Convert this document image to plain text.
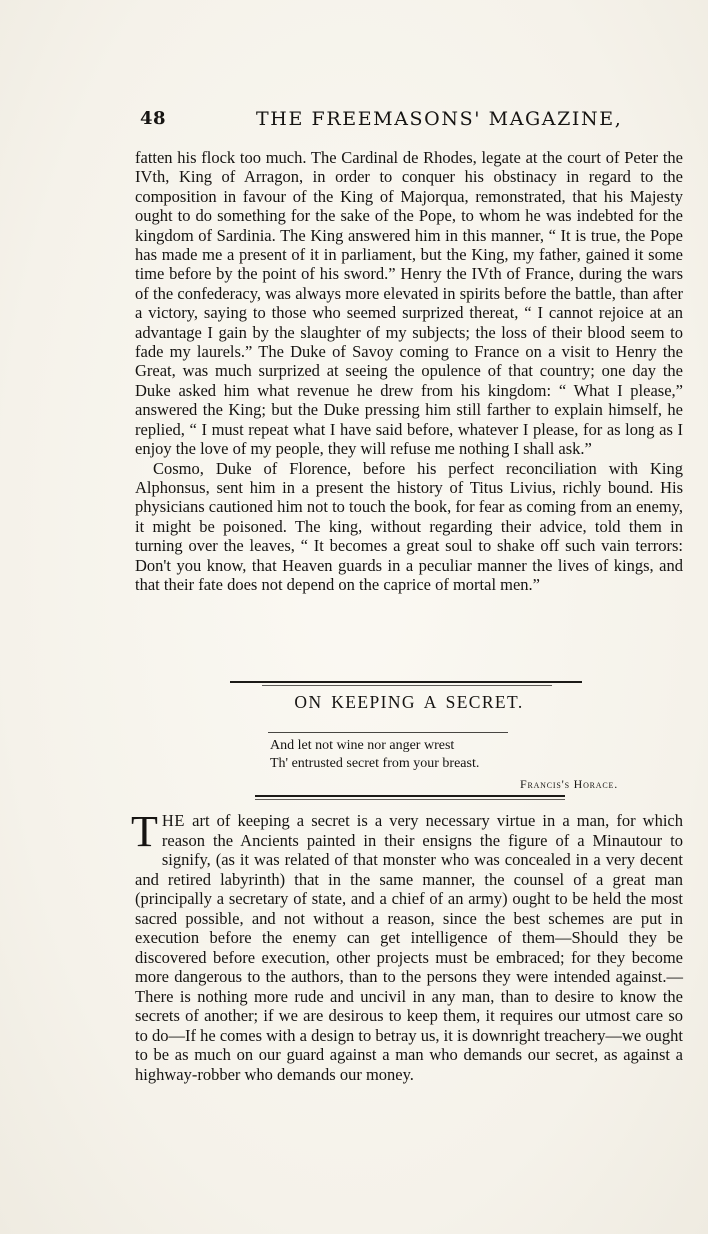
48	THE FREEMASONS' MAGAZINE,

fatten his flock too much. The Cardinal de Rhodes, legate at the court of Peter the IVth, King of Arragon, in order to conquer his obstinacy in regard to the composition in favour of the King of Majorqua, remonstrated, that his Majesty ought to do something for the sake of the Pope, to whom he was indebted for the kingdom of Sardinia. The King answered him in this manner, “ It is true, the Pope has made me a present of it in parliament, but the King, my father, gained it some time before by the point of his sword.” Henry the IVth of France, during the wars of the confederacy, was always more elevated in spirits before the battle, than after a victory, saying to those who seemed surprized thereat, “ I cannot rejoice at an advantage I gain by the slaughter of my subjects; the loss of their blood seem to fade my laurels.” The Duke of Savoy coming to France on a visit to Henry the Great, was much surprized at seeing the opulence of that country; one day the Duke asked him what revenue he drew from his kingdom: “ What I please,” answered the King; but the Duke pressing him still farther to explain himself, he replied, “ I must repeat what I have said before, whatever I please, for as long as I enjoy the love of my people, they will refuse me nothing I shall ask.”

Cosmo, Duke of Florence, before his perfect reconciliation with King Alphonsus, sent him in a present the history of Titus Livius, richly bound. His physicians cautioned him not to touch the book, for fear as coming from an enemy, it might be poisoned. The king, without regarding their advice, told them in turning over the leaves, “ It becomes a great soul to shake off such vain terrors: Don't you know, that Heaven guards in a peculiar manner the lives of kings, and that their fate does not depend on the caprice of mortal men.”

ON KEEPING A SECRET.
And let not wine nor anger wrest
Th' entrusted secret from your breast.
Francis's Horace.

THE art of keeping a secret is a very necessary virtue in a man, for which reason the Ancients painted in their ensigns the figure of a Minautour to signify, (as it was related of that monster who was concealed in a very decent and retired labyrinth) that in the same manner, the counsel of a great man (principally a secretary of state, and a chief of an army) ought to be held the most sacred possible, and not without a reason, since the best schemes are put in execution before the enemy can get intelligence of them—Should they be discovered before execution, other projects must be embraced; for they become more dangerous to the authors, than to the persons they were intended against.—There is nothing more rude and uncivil in any man, than to desire to know the secrets of another; if we are desirous to keep them, it requires our utmost care so to do—If he comes with a design to betray us, it is downright treachery—we ought to be as much on our guard against a man who demands our secret, as against a highway-robber who demands our money.
